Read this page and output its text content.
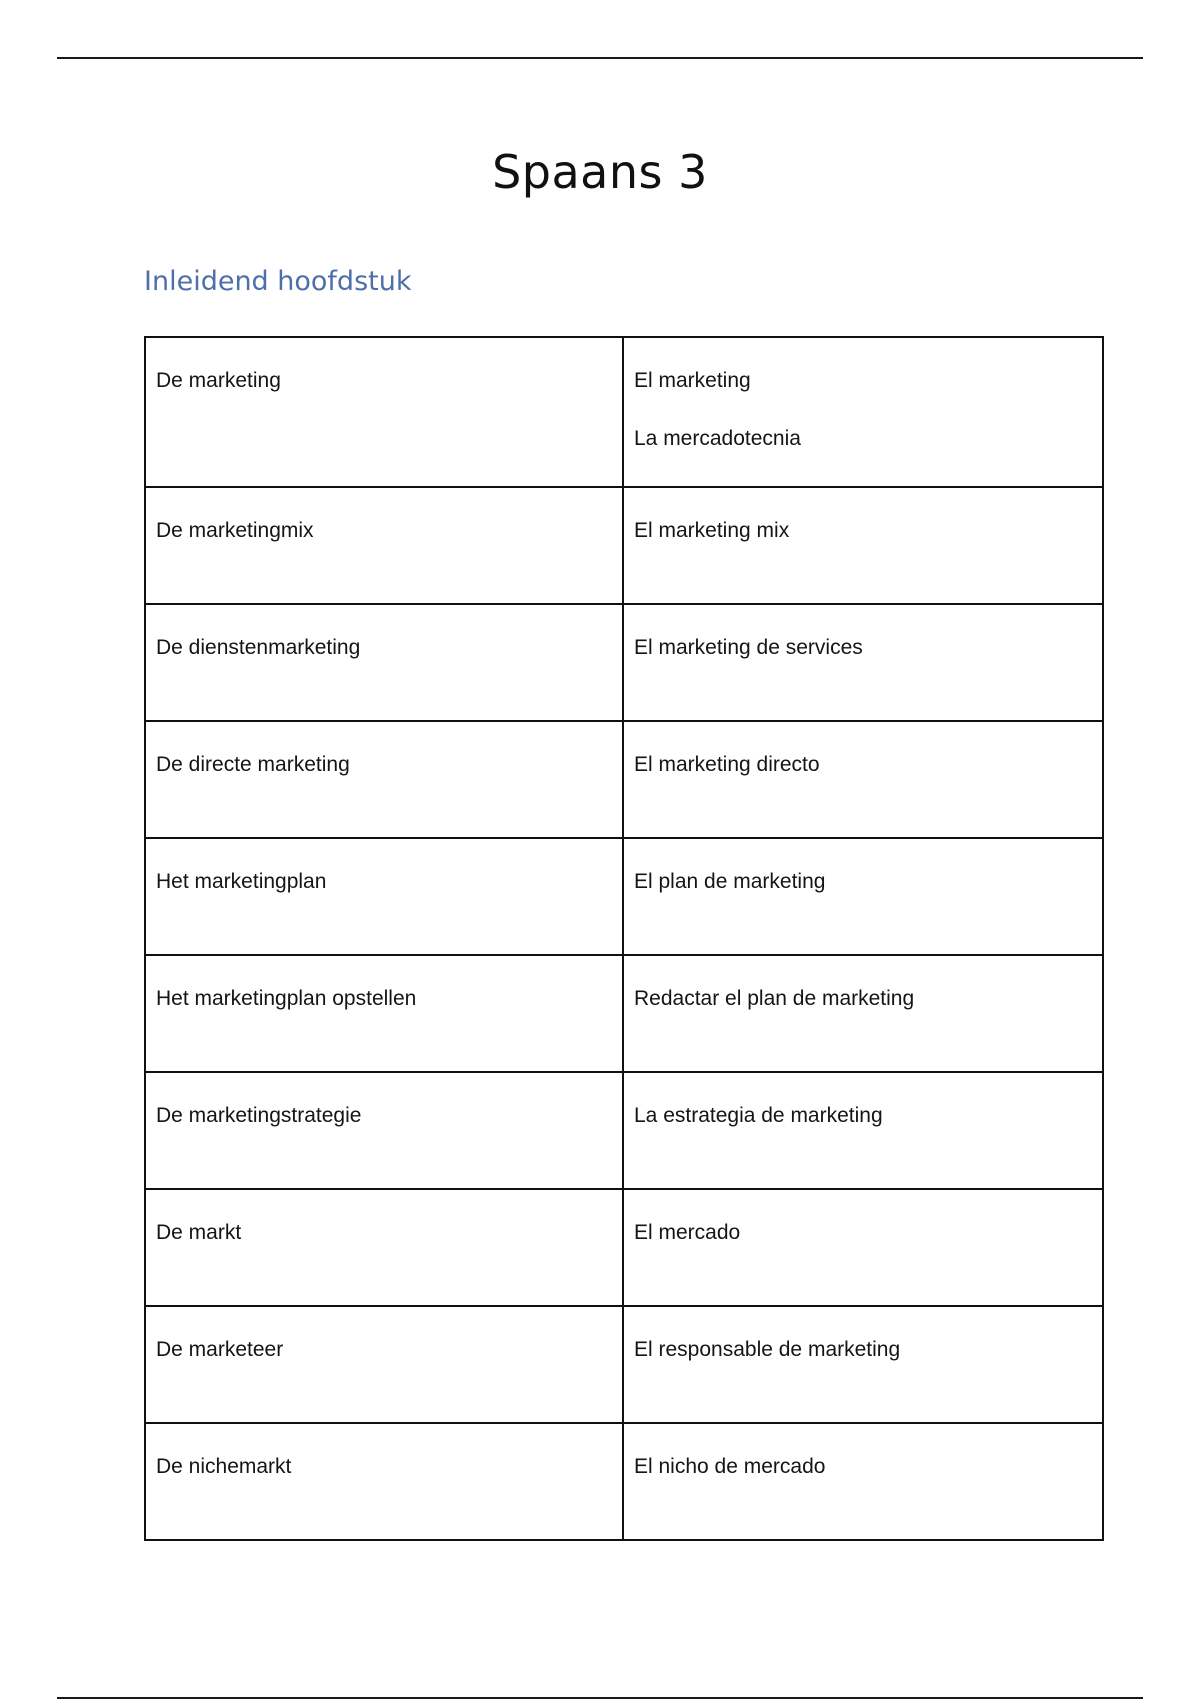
Spaans 3
Inleidend hoofdstuk
De marketing	El marketing
La mercadotecnia

De marketingmix	El marketing mix

De dienstenmarketing	El marketing de services

De directe marketing	El marketing directo

Het marketingplan	El plan de marketing

Het marketingplan opstellen	Redactar el plan de marketing

De marketingstrategie	La estrategia de marketing

De markt	El mercado

De marketeer	El responsable de marketing

De nichemarkt	El nicho de mercado
